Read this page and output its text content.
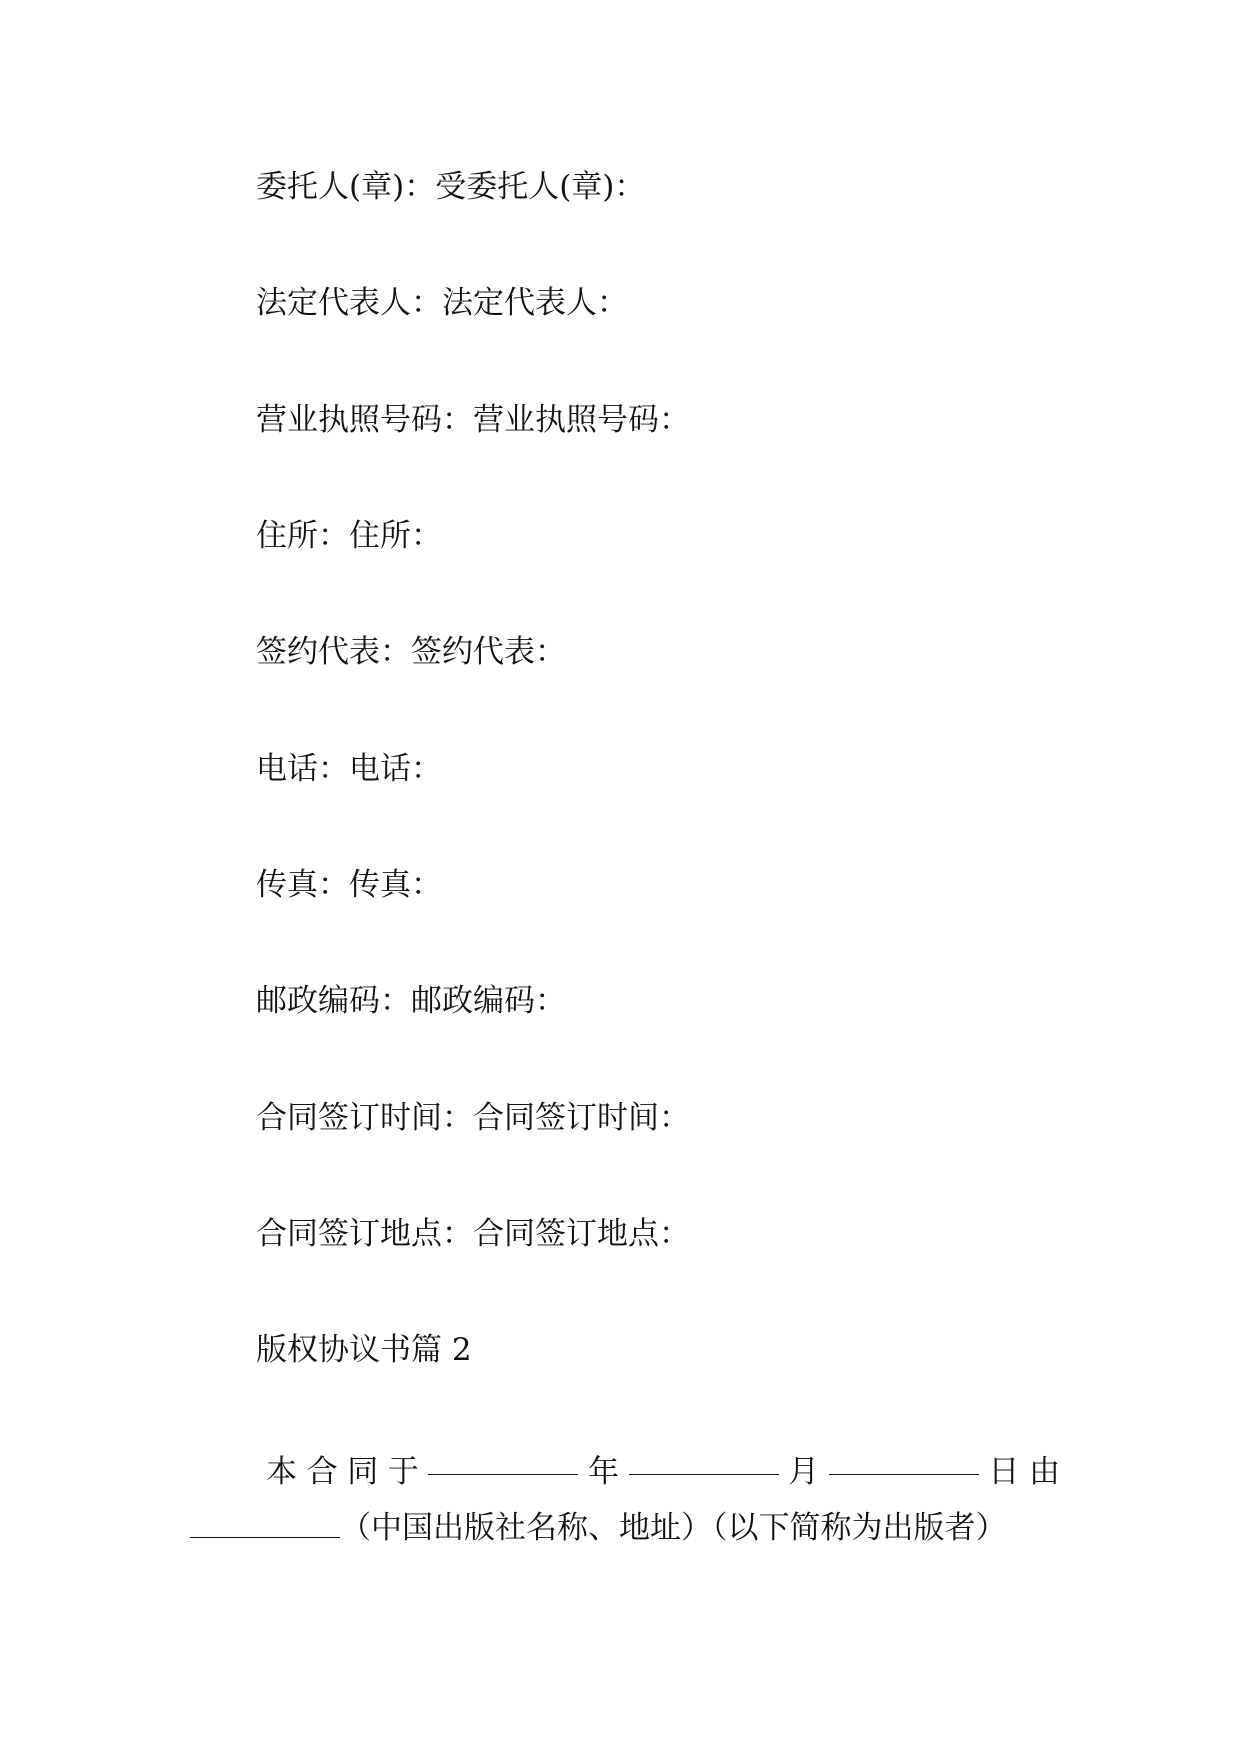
委托人(章)：受委托人(章)：
法定代表人：法定代表人：
营业执照号码：营业执照号码：
住所：住所：
签约代表：签约代表：
电话：电话：
传真：传真：
邮政编码：邮政编码：
合同签订时间：合同签订时间：
合同签订地点：合同签订地点：
版权协议书篇 2
本 合 同 于	年	月	日 由
（中国出版社名称、地址）（以下简称为出版者）
